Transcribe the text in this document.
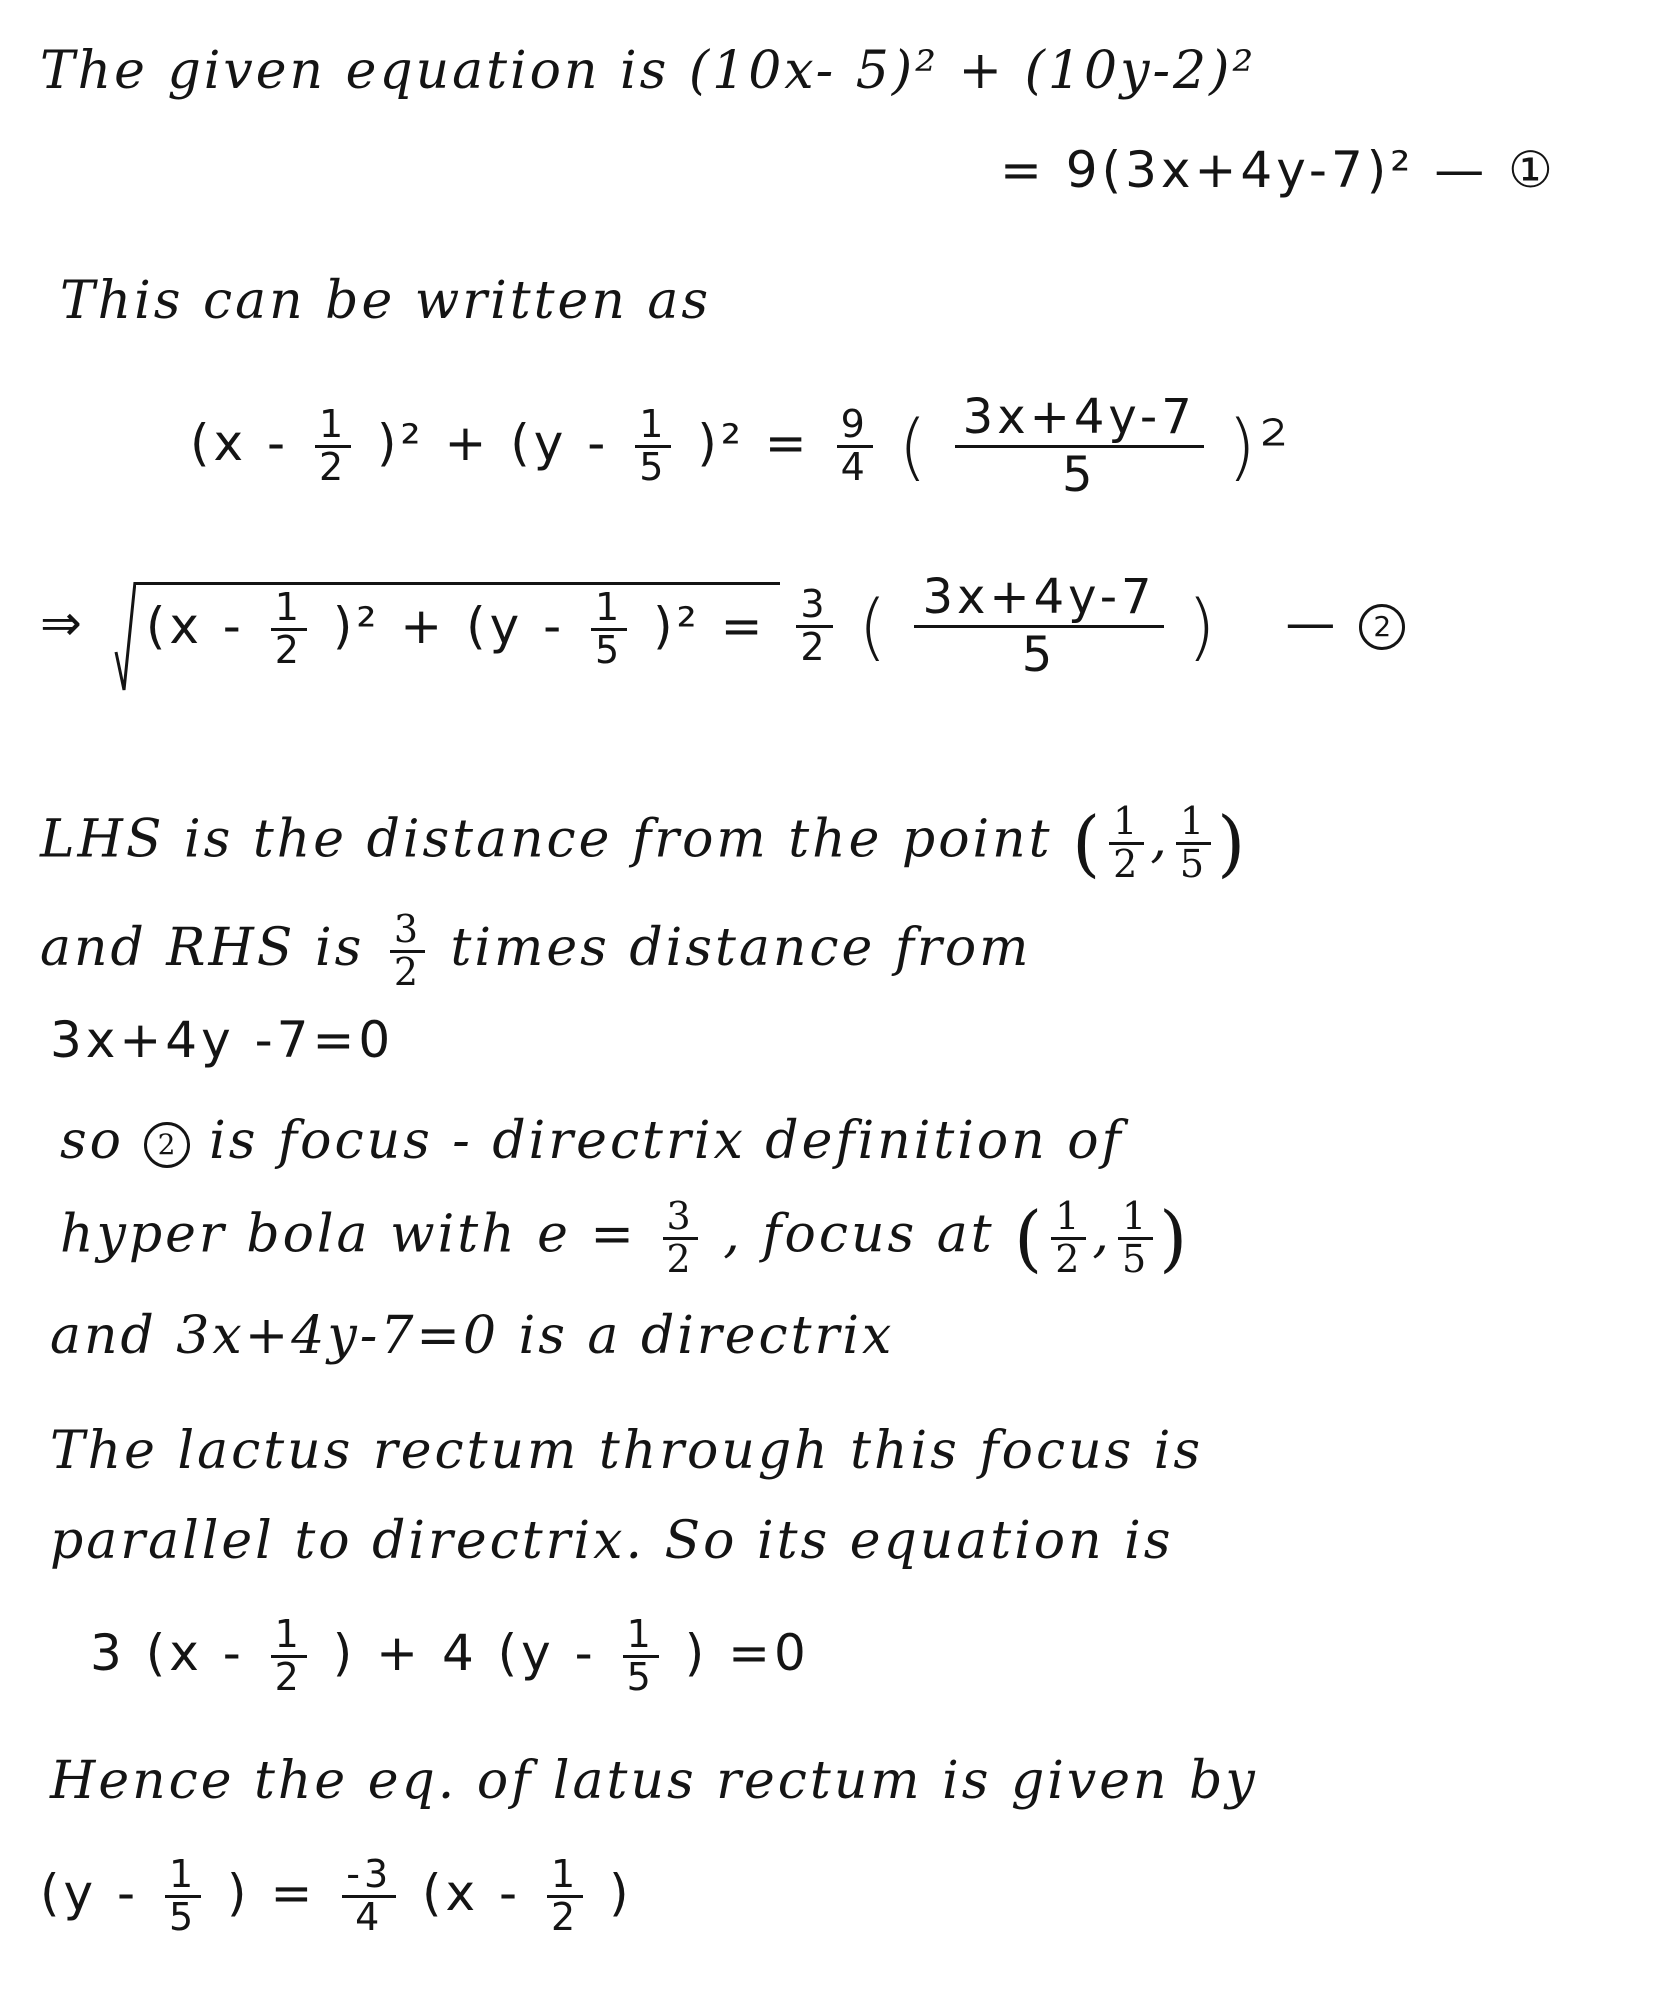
The given equation is (10x- 5)² + (10y-2)²
= 9(3x+4y-7)² — ①
This can be written as
$(x - \frac{1}{2} )^2 + (y - \frac{1}{5} )^2 = \frac{9}{4}$ ( $\frac{3x+4y-7}{5} )^2$
⇒ $(x - \frac{1}{2} )^2 + (y - \frac{1}{5} )^2 = \frac{3}{2}$ ( $\frac{3x+4y-7}{5}$ ) — 2
LHS is the distance from the point ( $\frac{1}{2}$ , $\frac{1}{5}$ )
and RHS is $\frac{3}{2}$ times distance from
3x+4y -7=0
so 2 is focus - directrix definition of
hyper bola with $e = \frac{3}{2}$ , focus at ( $\frac{1}{2}$ , $\frac{1}{5}$ )
and 3x+4y-7=0 is a directrix
The lactus rectum through this focus is
parallel to directrix. So its equation is
3 ($x - \frac{1}{2}$ ) + 4 ($y - \frac{1}{5}$ ) =0
Hence the eq. of latus rectum is given by
($y - \frac{1}{5}$ ) = $\frac{-3}{4} (x - \frac{1}{2}$ )
